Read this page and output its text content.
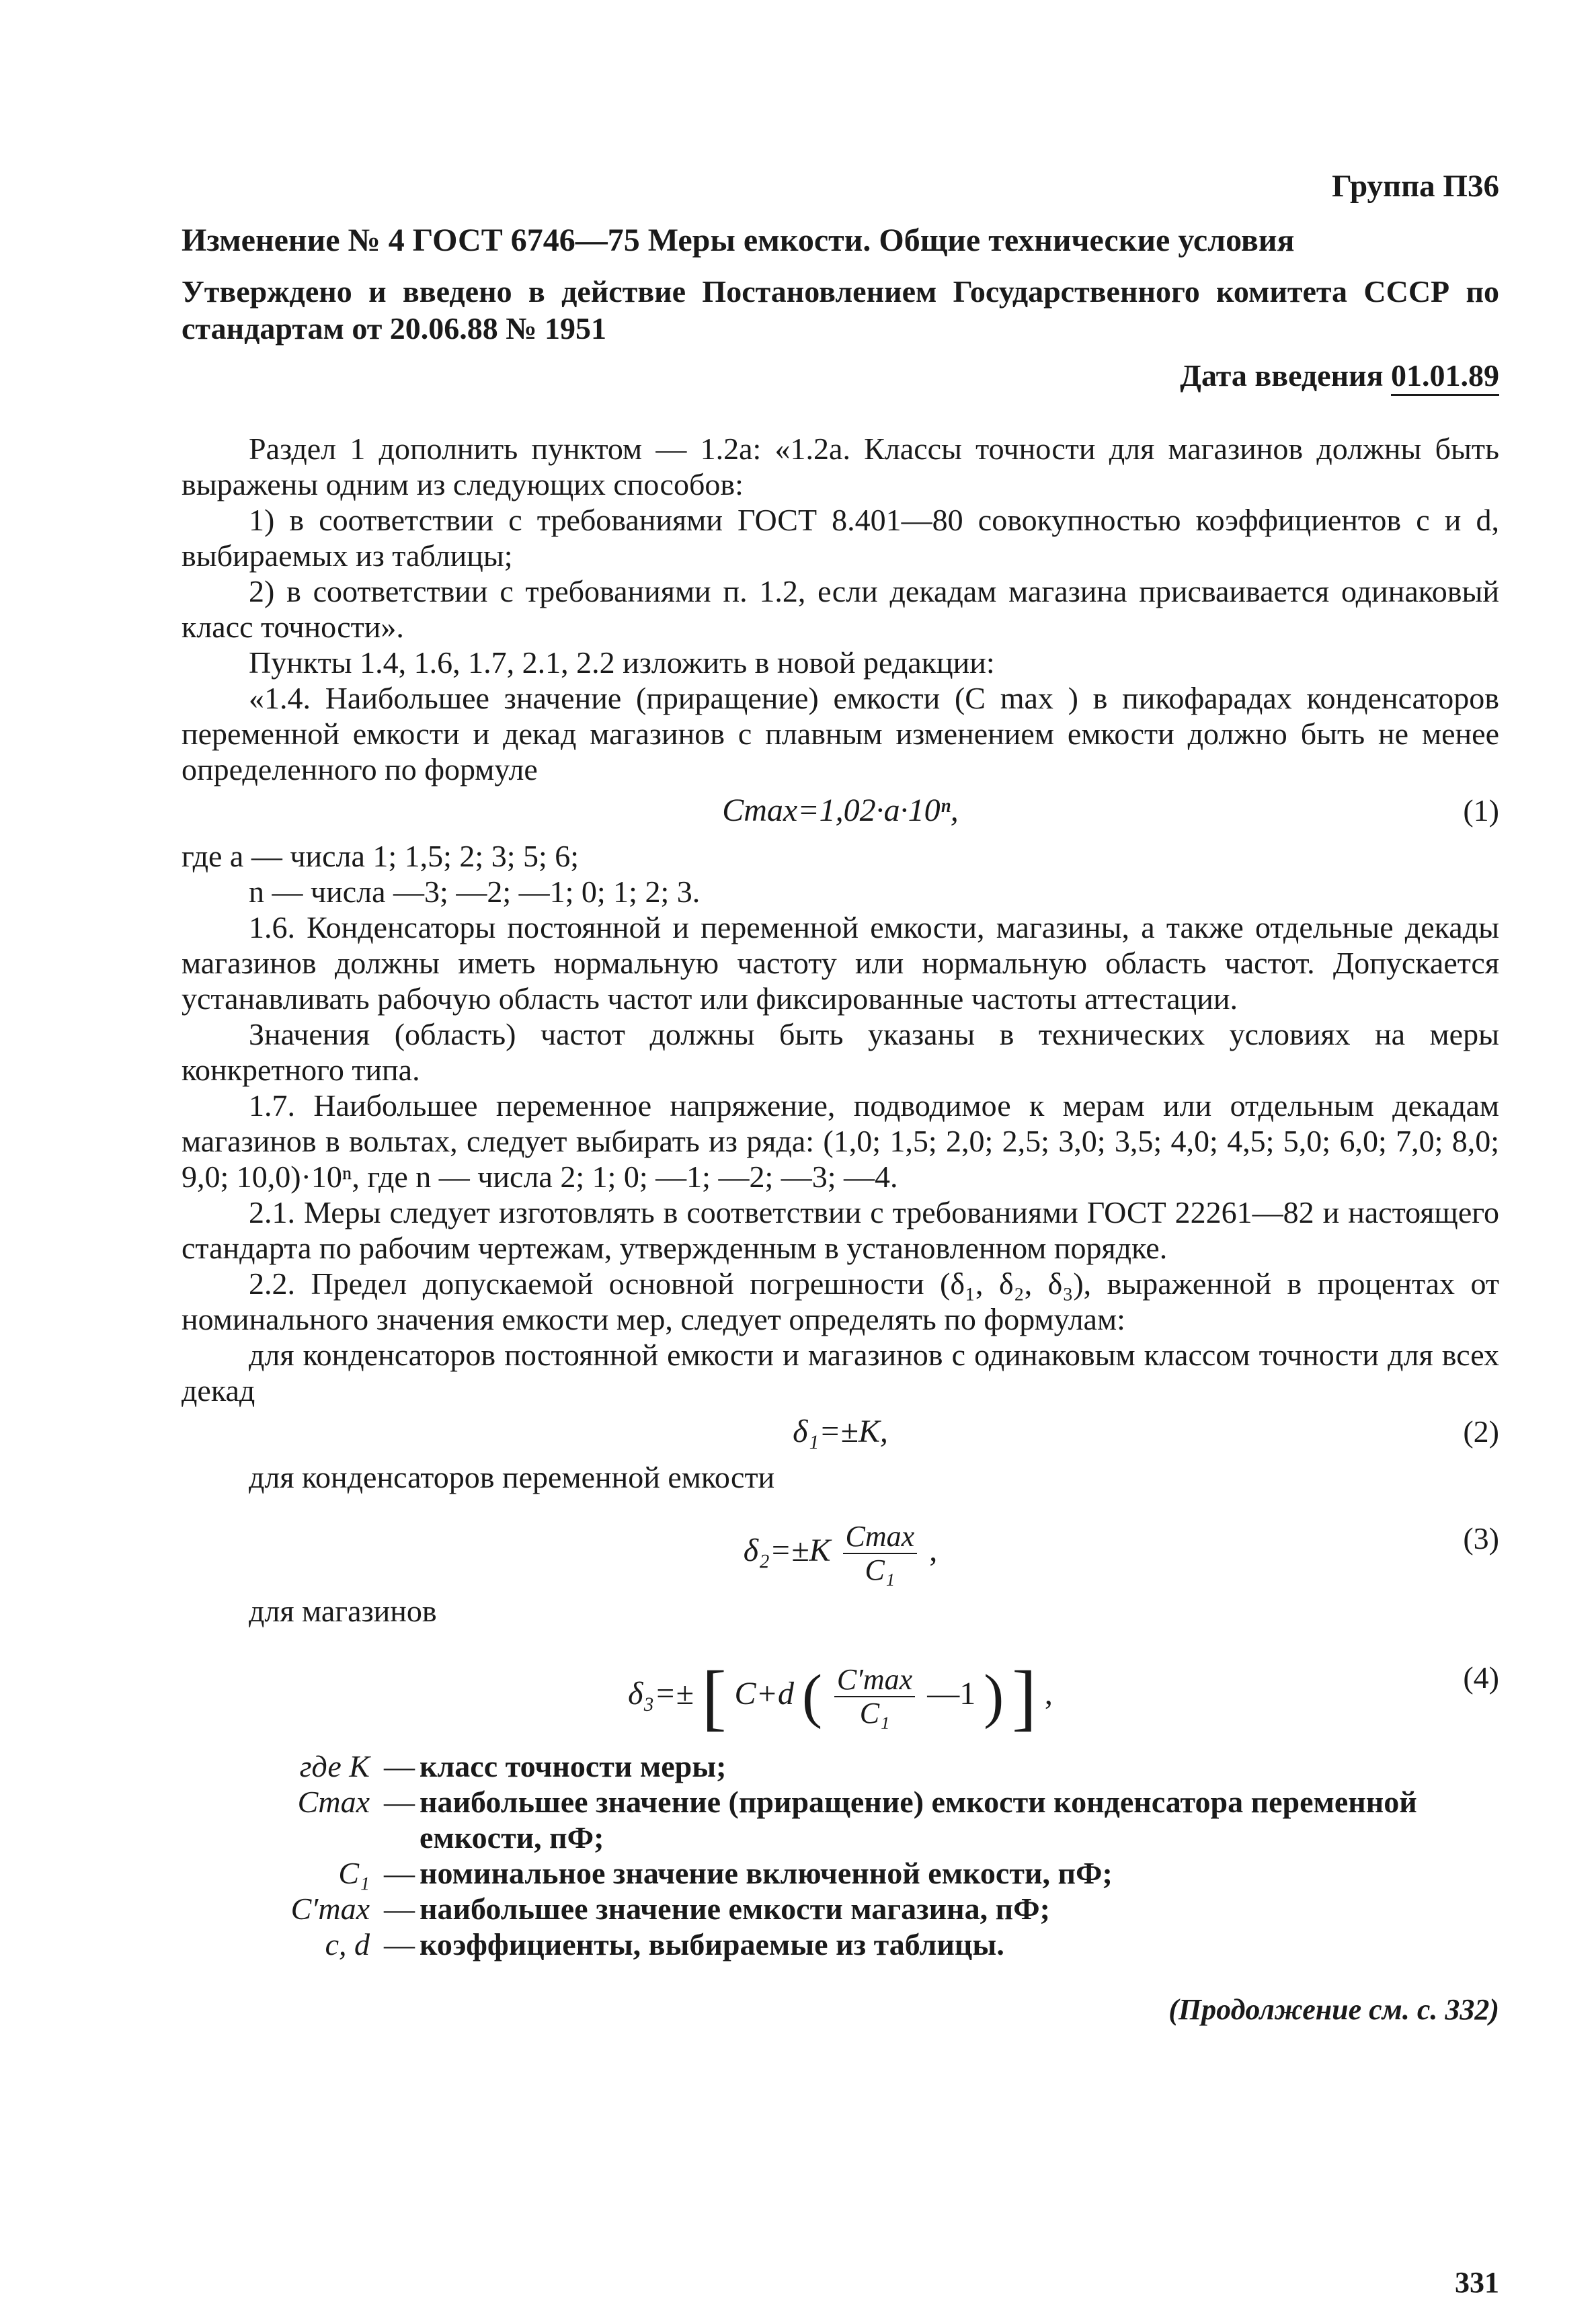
Группа П36
Изменение № 4 ГОСТ 6746—75 Меры емкости. Общие технические условия
Утверждено и введено в действие Постановлением Государственного комитета СССР по стандартам от 20.06.88 № 1951
Дата введения 01.01.89

Раздел 1 дополнить пунктом — 1.2а: «1.2а. Классы точности для магазинов должны быть выражены одним из следующих способов:

1) в соответствии с требованиями ГОСТ 8.401—80 совокупностью коэффициентов c и d, выбираемых из таблицы;

2) в соответствии с требованиями п. 1.2, если декадам магазина присваивается одинаковый класс точности».

Пункты 1.4, 1.6, 1.7, 2.1, 2.2 изложить в новой редакции:

«1.4. Наибольшее значение (приращение) емкости (C max ) в пикофарадах конденсаторов переменной емкости и декад магазинов с плавным изменением емкости должно быть не менее определенного по формуле

Cmax=1,02·a·10ⁿ,	(1)

где a — числа 1; 1,5; 2; 3; 5; 6;

n — числа —3; —2; —1; 0; 1; 2; 3.

1.6. Конденсаторы постоянной и переменной емкости, магазины, а также отдельные декады магазинов должны иметь нормальную частоту или нормальную область частот. Допускается устанавливать рабочую область частот или фиксированные частоты аттестации.

Значения (область) частот должны быть указаны в технических условиях на меры конкретного типа.

1.7. Наибольшее переменное напряжение, подводимое к мерам или отдельным декадам магазинов в вольтах, следует выбирать из ряда: (1,0; 1,5; 2,0; 2,5; 3,0; 3,5; 4,0; 4,5; 5,0; 6,0; 7,0; 8,0; 9,0; 10,0)·10ⁿ, где n — числа 2; 1; 0; —1; —2; —3; —4.

2.1. Меры следует изготовлять в соответствии с требованиями ГОСТ 22261—82 и настоящего стандарта по рабочим чертежам, утвержденным в установленном порядке.

2.2. Предел допускаемой основной погрешности (δ₁, δ₂, δ₃), выраженной в процентах от номинального значения емкости мер, следует определять по формулам:

для конденсаторов постоянной емкости и магазинов с одинаковым классом точности для всех декад

δ₁=±K,	(2)

для конденсаторов переменной емкости

$\delta_2=\pm K \frac{Cmax}{\text{C₁}}$ ,	(3)

для магазинов

δ₃=± [ C+d ( $\frac{C'\max}{\text{C₁}}$ —1 ) ] ,	(4)
где K — класс точности меры;
Cmax — наибольшее значение (приращение) емкости конденсатора переменной емкости, пФ;
C₁ — номинальное значение включенной емкости, пФ;
C′max — наибольшее значение емкости магазина, пФ;
c, d — коэффициенты, выбираемые из таблицы.
(Продолжение см. с. 332)
331
